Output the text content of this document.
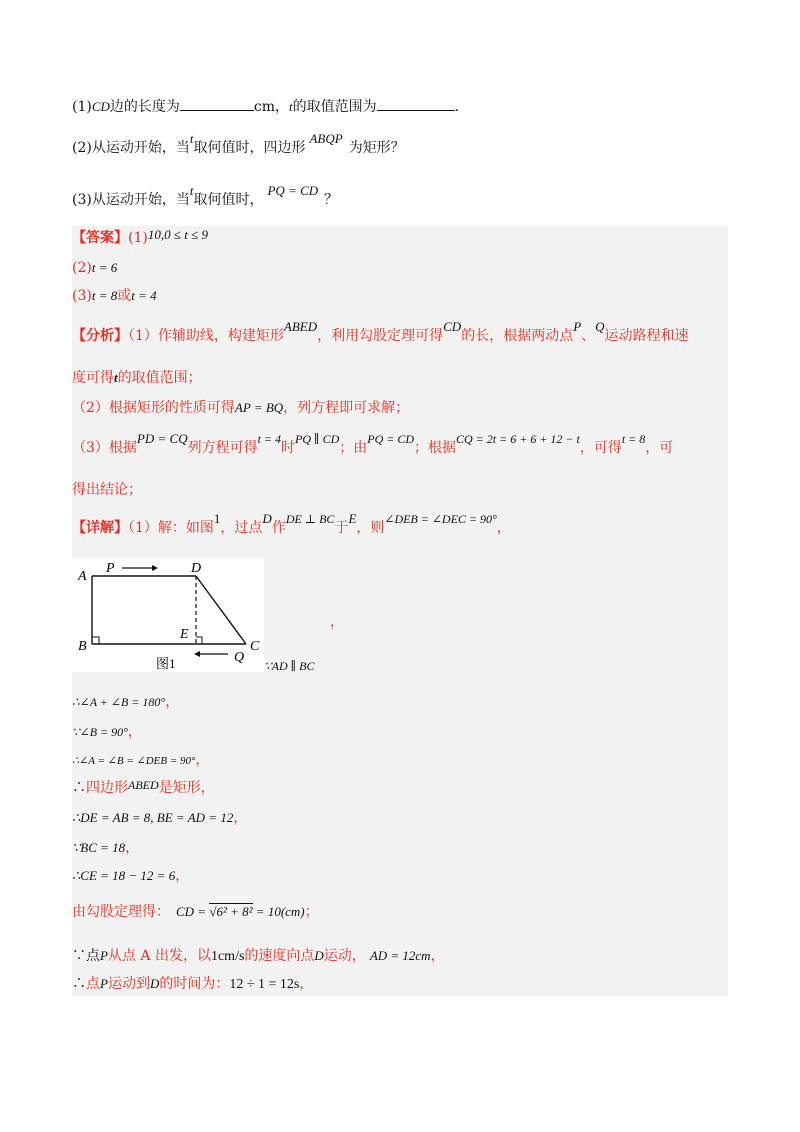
(1)CD边的长度为	cm，t的取值范围为	.
(2)从运动开始，当t取何值时，四边形ABQP为矩形？
(3)从运动开始，当t取何值时，PQ = CD？
【答案】(1)10,0 ≤ t ≤ 9
(2)t = 6
(3)t = 8或t = 4
【分析】（1）作辅助线，构建矩形ABED，利用勾股定理可得CD的长，根据两动点P、Q运动路程和速
度可得t的取值范围；
（2）根据矩形的性质可得AP = BQ，列方程即可求解；
（3）根据PD = CQ列方程可得t = 4时PQ ∥ CD；由PQ = CD；根据CQ = 2t = 6 + 6 + 12 − t，可得t = 8，可
得出结论；
【详解】（1）解：如图1，过点D作DE ⊥ BC于E，则∠DEB = ∠DEC = 90°，
A
P	D
B
E
C
Q
图1
，
∵AD ∥ BC
∴∠A + ∠B = 180°，
∵∠B = 90°，
∴∠A = ∠B = ∠DEB = 90°，
∴四边形ABED是矩形，
∴DE = AB = 8, BE = AD = 12，
∵BC = 18，
∴CE = 18 − 12 = 6，
由勾股定理得： CD = √6² + 8² = 10(cm)；
∵点P从点 A 出发，以1cm/s的速度向点D运动， AD = 12cm，
∴点P运动到D的时间为：12 ÷ 1 = 12s，
